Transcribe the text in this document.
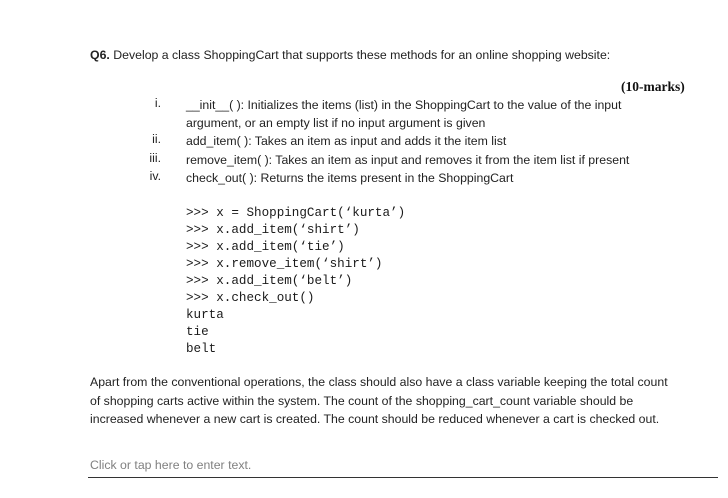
Q6. Develop a class ShoppingCart that supports these methods for an online shopping website:
(10-marks)
i. __init__( ): Initializes the items (list) in the ShoppingCart to the value of the input
argument, or an empty list if no input argument is given
ii. add_item( ): Takes an item as input and adds it the item list
iii. remove_item( ): Takes an item as input and removes it from the item list if present
iv. check_out( ): Returns the items present in the ShoppingCart
>>> x = ShoppingCart(‘kurta’)
>>> x.add_item(‘shirt’)
>>> x.add_item(‘tie’)
>>> x.remove_item(‘shirt’)
>>> x.add_item(‘belt’)
>>> x.check_out()
kurta
tie
belt
Apart from the conventional operations, the class should also have a class variable keeping the total count
of shopping carts active within the system. The count of the shopping_cart_count variable should be
increased whenever a new cart is created. The count should be reduced whenever a cart is checked out.
Click or tap here to enter text.
